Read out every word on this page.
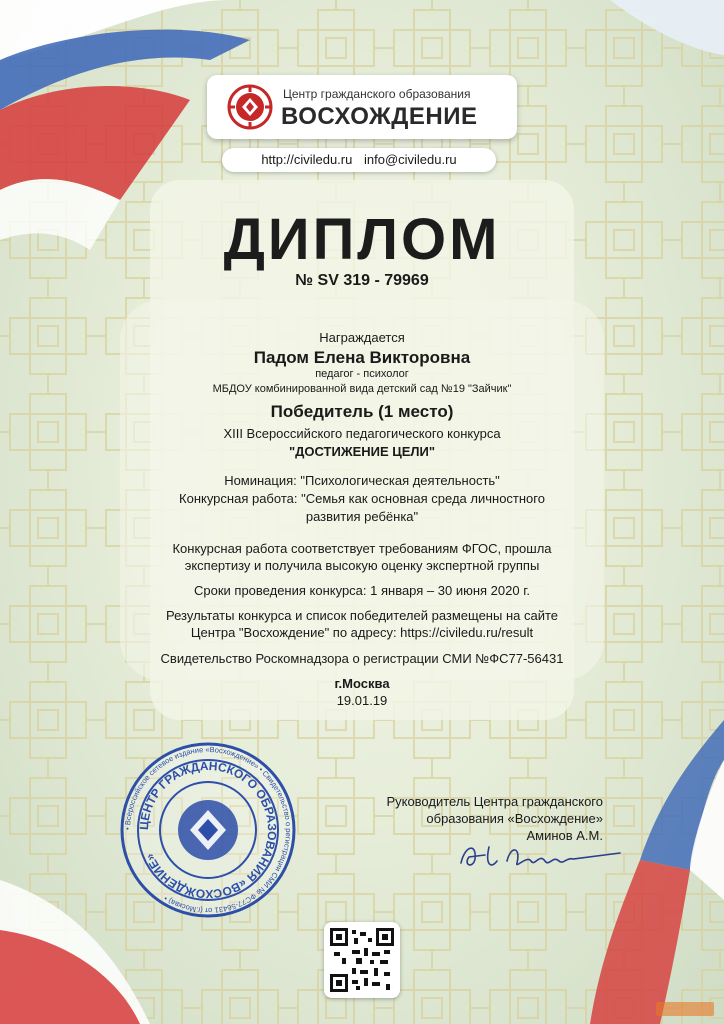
Центр гражданского образования
ВОСХОЖДЕНИЕ
http://civiledu.ru info@civiledu.ru
ДИПЛОМ
№ SV 319 - 79969
Награждается
Падом Елена Викторовна
педагог - психолог
МБДОУ комбинированной вида детский сад №19 "Зайчик"
Победитель (1 место)
XIII Всероссийского педагогического конкурса
"ДОСТИЖЕНИЕ ЦЕЛИ"
Номинация: "Психологическая деятельность"
Конкурсная работа: "Семья как основная среда личностного
развития ребёнка"
Конкурсная работа соответствует требованиям ФГОС, прошла
экспертизу и получила высокую оценку экспертной группы
Сроки проведения конкурса: 1 января – 30 июня 2020 г.
Результаты конкурса и список победителей размещены на сайте
Центра "Восхождение" по адресу: https://civiledu.ru/result
Свидетельство Роскомнадзора о регистрации СМИ №ФС77-56431
г.Москва
19.01.19
• Всероссийское сетевое издание «Восхождение» • Свидетельство о регистрации СМИ № ФС77-56431 от (г.Москва) •
ЦЕНТР ГРАЖДАНСКОГО ОБРАЗОВАНИЯ «ВОСХОЖДЕНИЕ»
Руководитель Центра гражданского
образования «Восхождение»
Аминов А.М.
